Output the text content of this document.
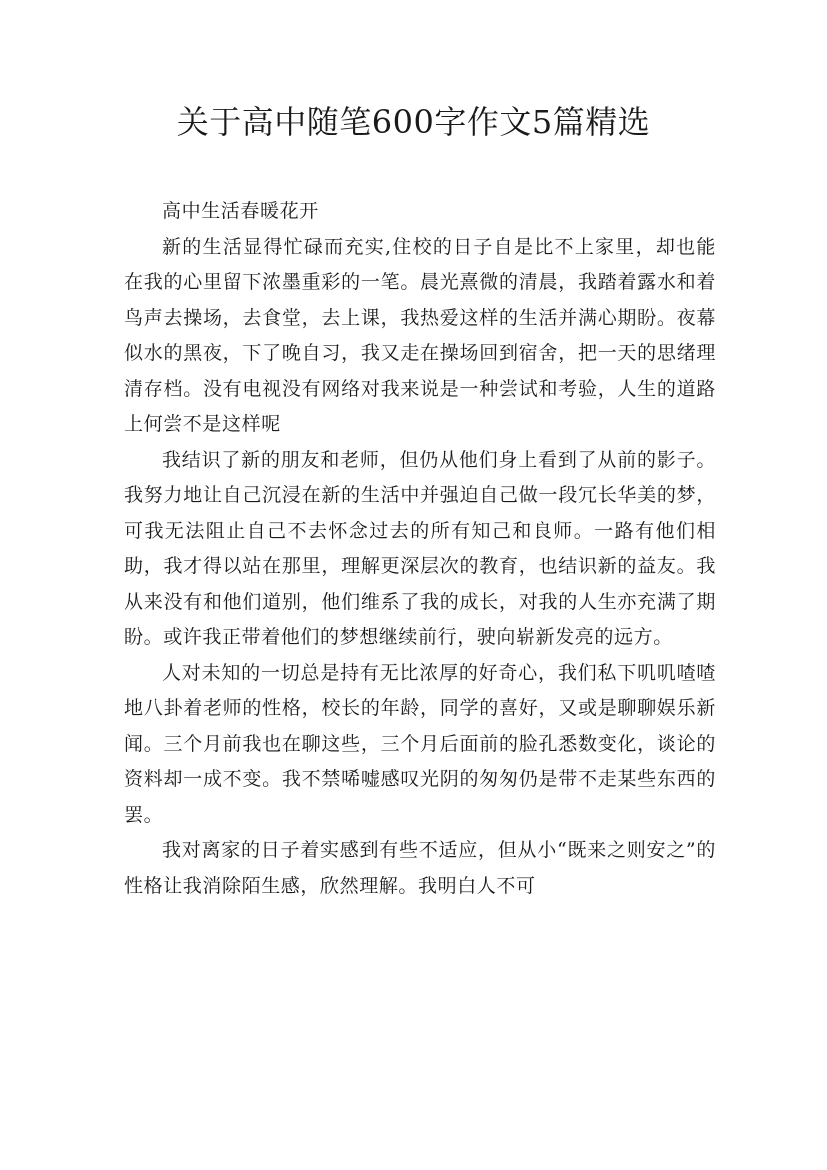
关于高中随笔600字作文5篇精选

高中生活春暖花开

新的生活显得忙碌而充实,住校的日子自是比不上家里，却也能在我的心里留下浓墨重彩的一笔。晨光熹微的清晨，我踏着露水和着鸟声去操场，去食堂，去上课，我热爱这样的生活并满心期盼。夜幕似水的黑夜，下了晚自习，我又走在操场回到宿舍，把一天的思绪理清存档。没有电视没有网络对我来说是一种尝试和考验，人生的道路上何尝不是这样呢

我结识了新的朋友和老师，但仍从他们身上看到了从前的影子。我努力地让自己沉浸在新的生活中并强迫自己做一段冗长华美的梦，可我无法阻止自己不去怀念过去的所有知己和良师。一路有他们相助，我才得以站在那里，理解更深层次的教育，也结识新的益友。我从来没有和他们道别，他们维系了我的成长，对我的人生亦充满了期盼。或许我正带着他们的梦想继续前行，驶向崭新发亮的远方。

人对未知的一切总是持有无比浓厚的好奇心，我们私下叽叽喳喳地八卦着老师的性格，校长的年龄，同学的喜好，又或是聊聊娱乐新闻。三个月前我也在聊这些，三个月后面前的脸孔悉数变化，谈论的资料却一成不变。我不禁唏嘘感叹光阴的匆匆仍是带不走某些东西的罢。

我对离家的日子着实感到有些不适应，但从小“既来之则安之”的性格让我消除陌生感，欣然理解。我明白人不可
